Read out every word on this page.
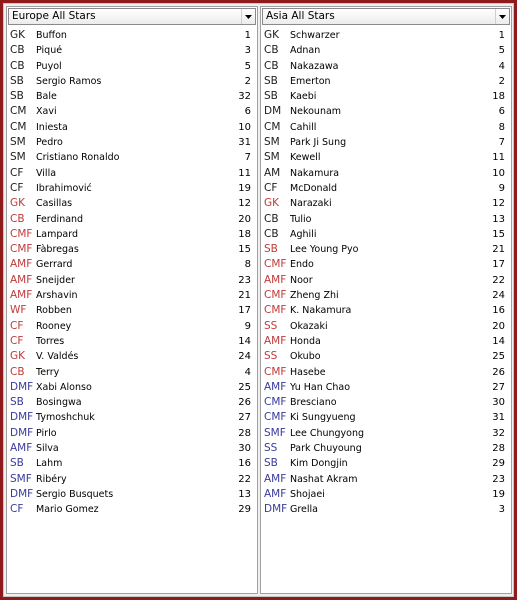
Europe All Stars
GK Buffon	1
CB Piqué	3
CB Puyol	5
SB Sergio Ramos	2
SB Bale	32
CM Xavi	6
CM Iniesta	10
SM Pedro	31
SM Cristiano Ronaldo	7
CF Villa	11
CF Ibrahimović	19
GK Casillas	12
CB Ferdinand	20
CMF Lampard	18
CMF Fàbregas	15
AMF Gerrard	8
AMF Sneijder	23
AMF Arshavin	21
WF Robben	17
CF Rooney	9
CF Torres	14
GK V. Valdés	24
CB Terry	4
DMF Xabi Alonso	25
SB Bosingwa	26
DMF Tymoshchuk	27
DMF Pirlo	28
AMF Silva	30
SB Lahm	16
SMF Ribéry	22
DMF Sergio Busquets	13
CF Mario Gomez	29
Asia All Stars
GK Schwarzer	1
CB Adnan	5
CB Nakazawa	4
SB Emerton	2
SB Kaebi	18
DM Nekounam	6
CM Cahill	8
SM Park Ji Sung	7
SM Kewell	11
AM Nakamura	10
CF McDonald	9
GK Narazaki	12
CB Tulio	13
CB Aghili	15
SB Lee Young Pyo	21
CMF Endo	17
AMF Noor	22
CMF Zheng Zhi	24
CMF K. Nakamura	16
SS Okazaki	20
AMF Honda	14
SS Okubo	25
CMF Hasebe	26
AMF Yu Han Chao	27
CMF Bresciano	30
CMF Ki Sungyueng	31
SMF Lee Chungyong	32
SS Park Chuyoung	28
SB Kim Dongjin	29
AMF Nashat Akram	23
AMF Shojaei	19
DMF Grella	3
